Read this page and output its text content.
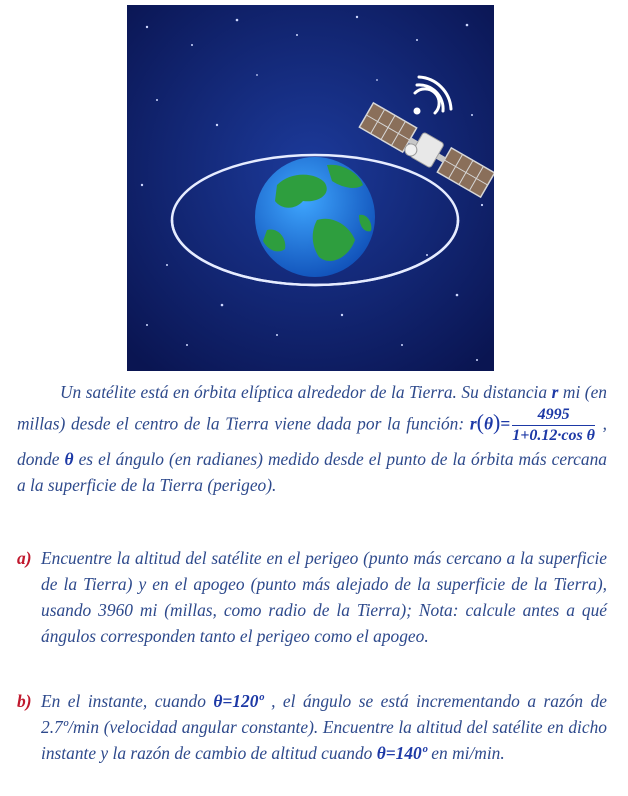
Un satélite está en órbita elíptica alrededor de la Tierra. Su distancia r mi (en millas) desde el centro de la Tierra viene dada por la función: $r(\theta)= \frac{4995}{\text{1+0.12·cos θ}}$ , donde θ es el ángulo (en radianes) medido desde el punto de la órbita más cercana a la superficie de la Tierra (perigeo).
a) Encuentre la altitud del satélite en el perigeo (punto más cercano a la superficie de la Tierra) y en el apogeo (punto más alejado de la superficie de la Tierra), usando 3960 mi (millas, como radio de la Tierra); Nota: calcule antes a qué ángulos corresponden tanto el perigeo como el apogeo.
b) En el instante, cuando θ=120º , el ángulo se está incrementando a razón de 2.7º/min (velocidad angular constante). Encuentre la altitud del satélite en dicho instante y la razón de cambio de altitud cuando θ=140º en mi/min.
